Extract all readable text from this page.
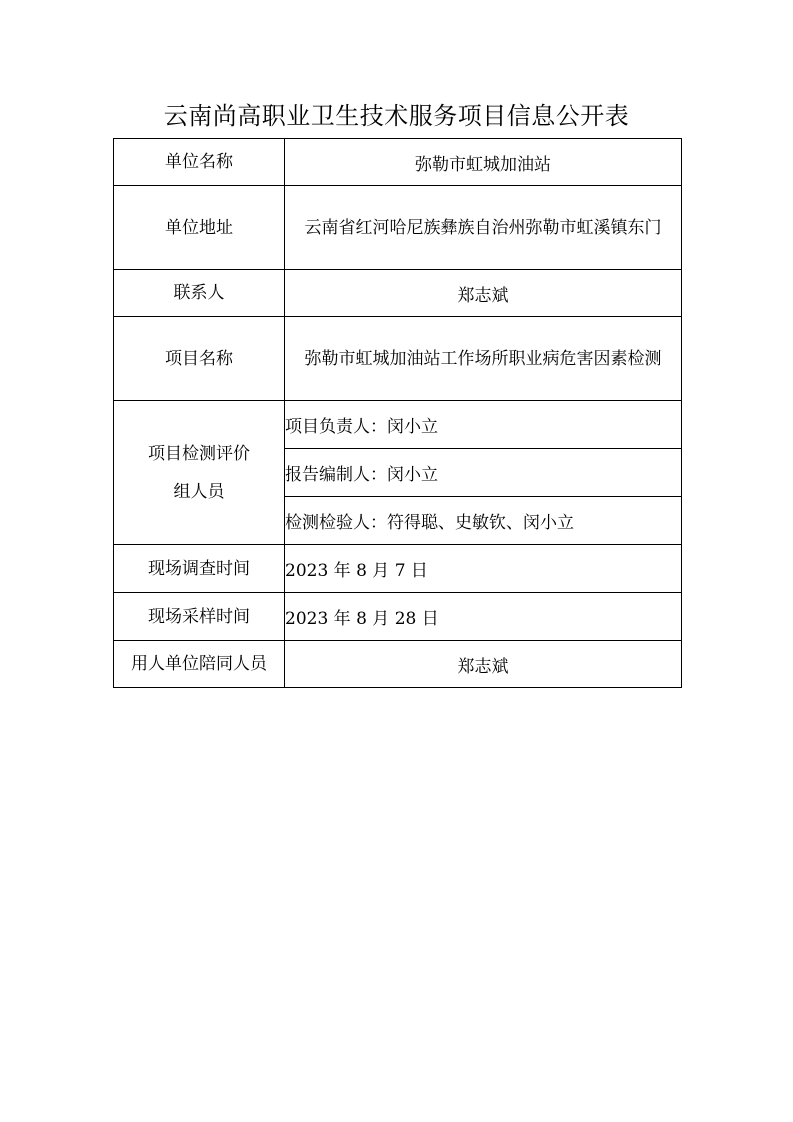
云南尚高职业卫生技术服务项目信息公开表
单位名称	弥勒市虹城加油站
单位地址	云南省红河哈尼族彝族自治州弥勒市虹溪镇东门

联系人	郑志斌
项目名称	弥勒市虹城加油站工作场所职业病危害因素检测

项目检测评价
组人员	项目负责人：闵小立
	报告编制人：闵小立
	检测检验人：符得聪、史敏钦、闵小立
现场调查时间	2023 年 8 月 7 日
现场采样时间	2023 年 8 月 28 日
用人单位陪同人员	郑志斌
